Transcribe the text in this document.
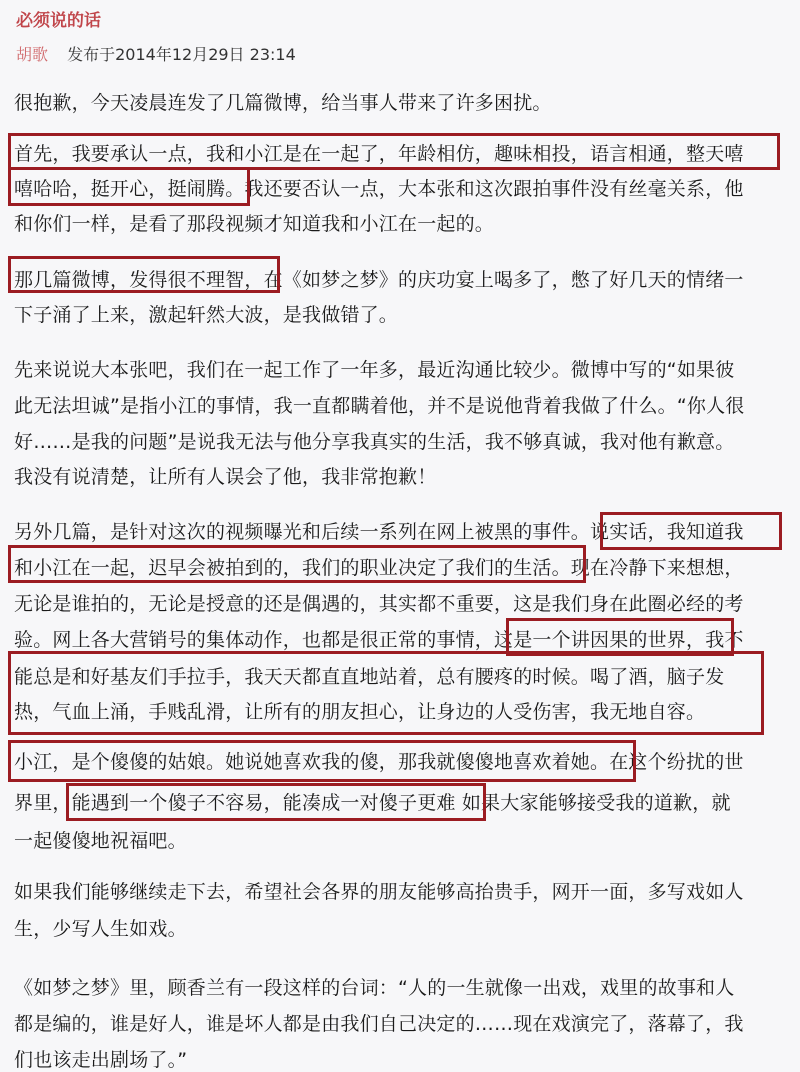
必须说的话
胡歌 发布于2014年12月29日 23:14
很抱歉，今天凌晨连发了几篇微博，给当事人带来了许多困扰。
首先，我要承认一点，我和小江是在一起了，年龄相仿，趣味相投，语言相通，整天嘻
嘻哈哈，挺开心，挺闹腾。我还要否认一点，大本张和这次跟拍事件没有丝毫关系，他
和你们一样，是看了那段视频才知道我和小江在一起的。
那几篇微博，发得很不理智，在《如梦之梦》的庆功宴上喝多了，憋了好几天的情绪一
下子涌了上来，激起轩然大波，是我做错了。
先来说说大本张吧，我们在一起工作了一年多，最近沟通比较少。微博中写的“如果彼
此无法坦诚”是指小江的事情，我一直都瞒着他，并不是说他背着我做了什么。“你人很
好……是我的问题”是说我无法与他分享我真实的生活，我不够真诚，我对他有歉意。
我没有说清楚，让所有人误会了他，我非常抱歉！
另外几篇，是针对这次的视频曝光和后续一系列在网上被黑的事件。说实话，我知道我
和小江在一起，迟早会被拍到的，我们的职业决定了我们的生活。现在冷静下来想想，
无论是谁拍的，无论是授意的还是偶遇的，其实都不重要，这是我们身在此圈必经的考
验。网上各大营销号的集体动作，也都是很正常的事情，这是一个讲因果的世界，我不
能总是和好基友们手拉手，我天天都直直地站着，总有腰疼的时候。喝了酒，脑子发
热，气血上涌，手贱乱滑，让所有的朋友担心，让身边的人受伤害，我无地自容。
小江，是个傻傻的姑娘。她说她喜欢我的傻，那我就傻傻地喜欢着她。在这个纷扰的世
界里，能遇到一个傻子不容易，能凑成一对傻子更难 如果大家能够接受我的道歉，就
一起傻傻地祝福吧。
如果我们能够继续走下去，希望社会各界的朋友能够高抬贵手，网开一面，多写戏如人
生，少写人生如戏。
《如梦之梦》里，顾香兰有一段这样的台词：“人的一生就像一出戏，戏里的故事和人
都是编的，谁是好人，谁是坏人都是由我们自己决定的……现在戏演完了，落幕了，我
们也该走出剧场了。”
